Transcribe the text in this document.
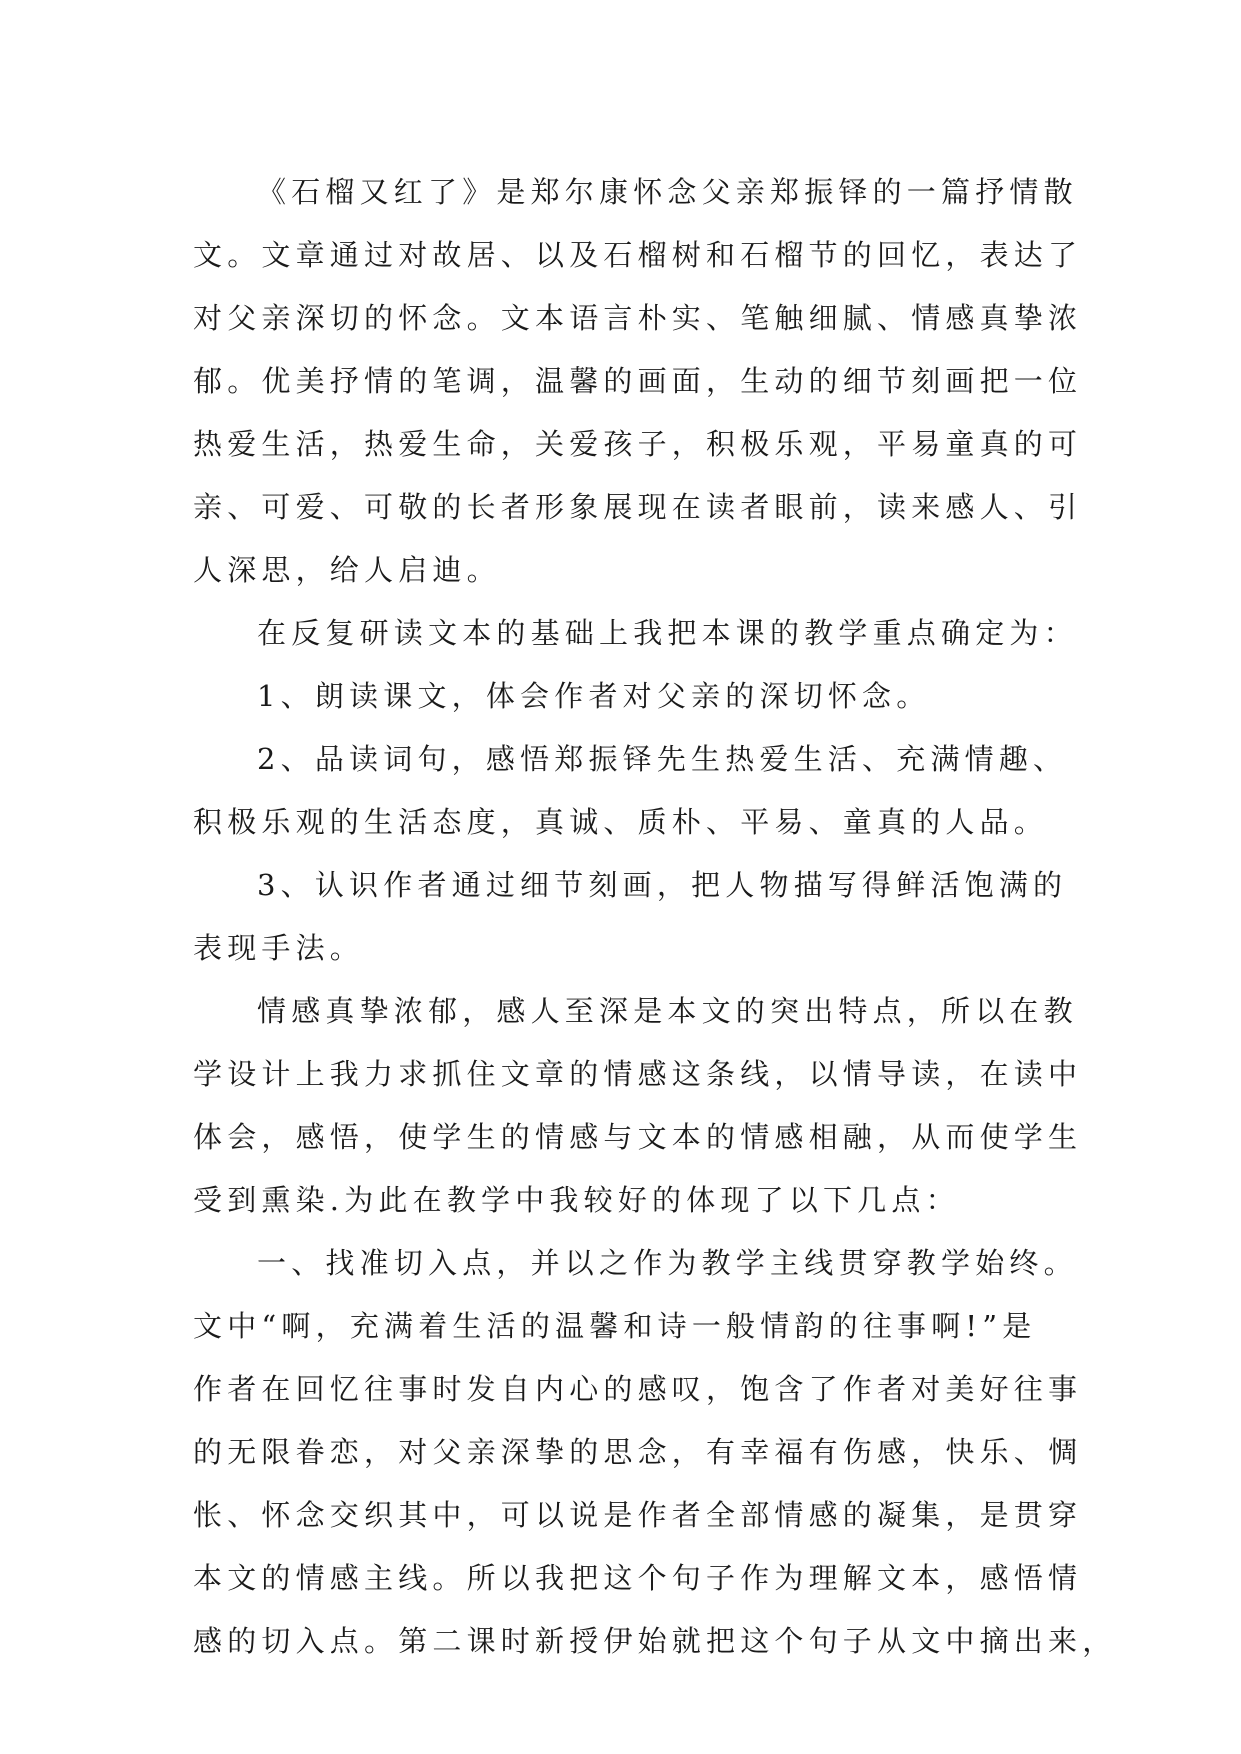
《石榴又红了》是郑尔康怀念父亲郑振铎的一篇抒情散

文。文章通过对故居、以及石榴树和石榴节的回忆，表达了

对父亲深切的怀念。文本语言朴实、笔触细腻、情感真挚浓

郁。优美抒情的笔调，温馨的画面，生动的细节刻画把一位

热爱生活，热爱生命，关爱孩子，积极乐观，平易童真的可

亲、可爱、可敬的长者形象展现在读者眼前，读来感人、引

人深思，给人启迪。

在反复研读文本的基础上我把本课的教学重点确定为：

1、朗读课文，体会作者对父亲的深切怀念。

2、品读词句，感悟郑振铎先生热爱生活、充满情趣、

积极乐观的生活态度，真诚、质朴、平易、童真的人品。

3、认识作者通过细节刻画，把人物描写得鲜活饱满的

表现手法。

情感真挚浓郁，感人至深是本文的突出特点，所以在教

学设计上我力求抓住文章的情感这条线，以情导读，在读中

体会，感悟，使学生的情感与文本的情感相融，从而使学生

受到熏染.为此在教学中我较好的体现了以下几点：

一、找准切入点，并以之作为教学主线贯穿教学始终。

文中“啊，充满着生活的温馨和诗一般情韵的往事啊!”是

作者在回忆往事时发自内心的感叹，饱含了作者对美好往事

的无限眷恋，对父亲深挚的思念，有幸福有伤感，快乐、惆

怅、怀念交织其中，可以说是作者全部情感的凝集，是贯穿

本文的情感主线。所以我把这个句子作为理解文本，感悟情

感的切入点。第二课时新授伊始就把这个句子从文中摘出来，
